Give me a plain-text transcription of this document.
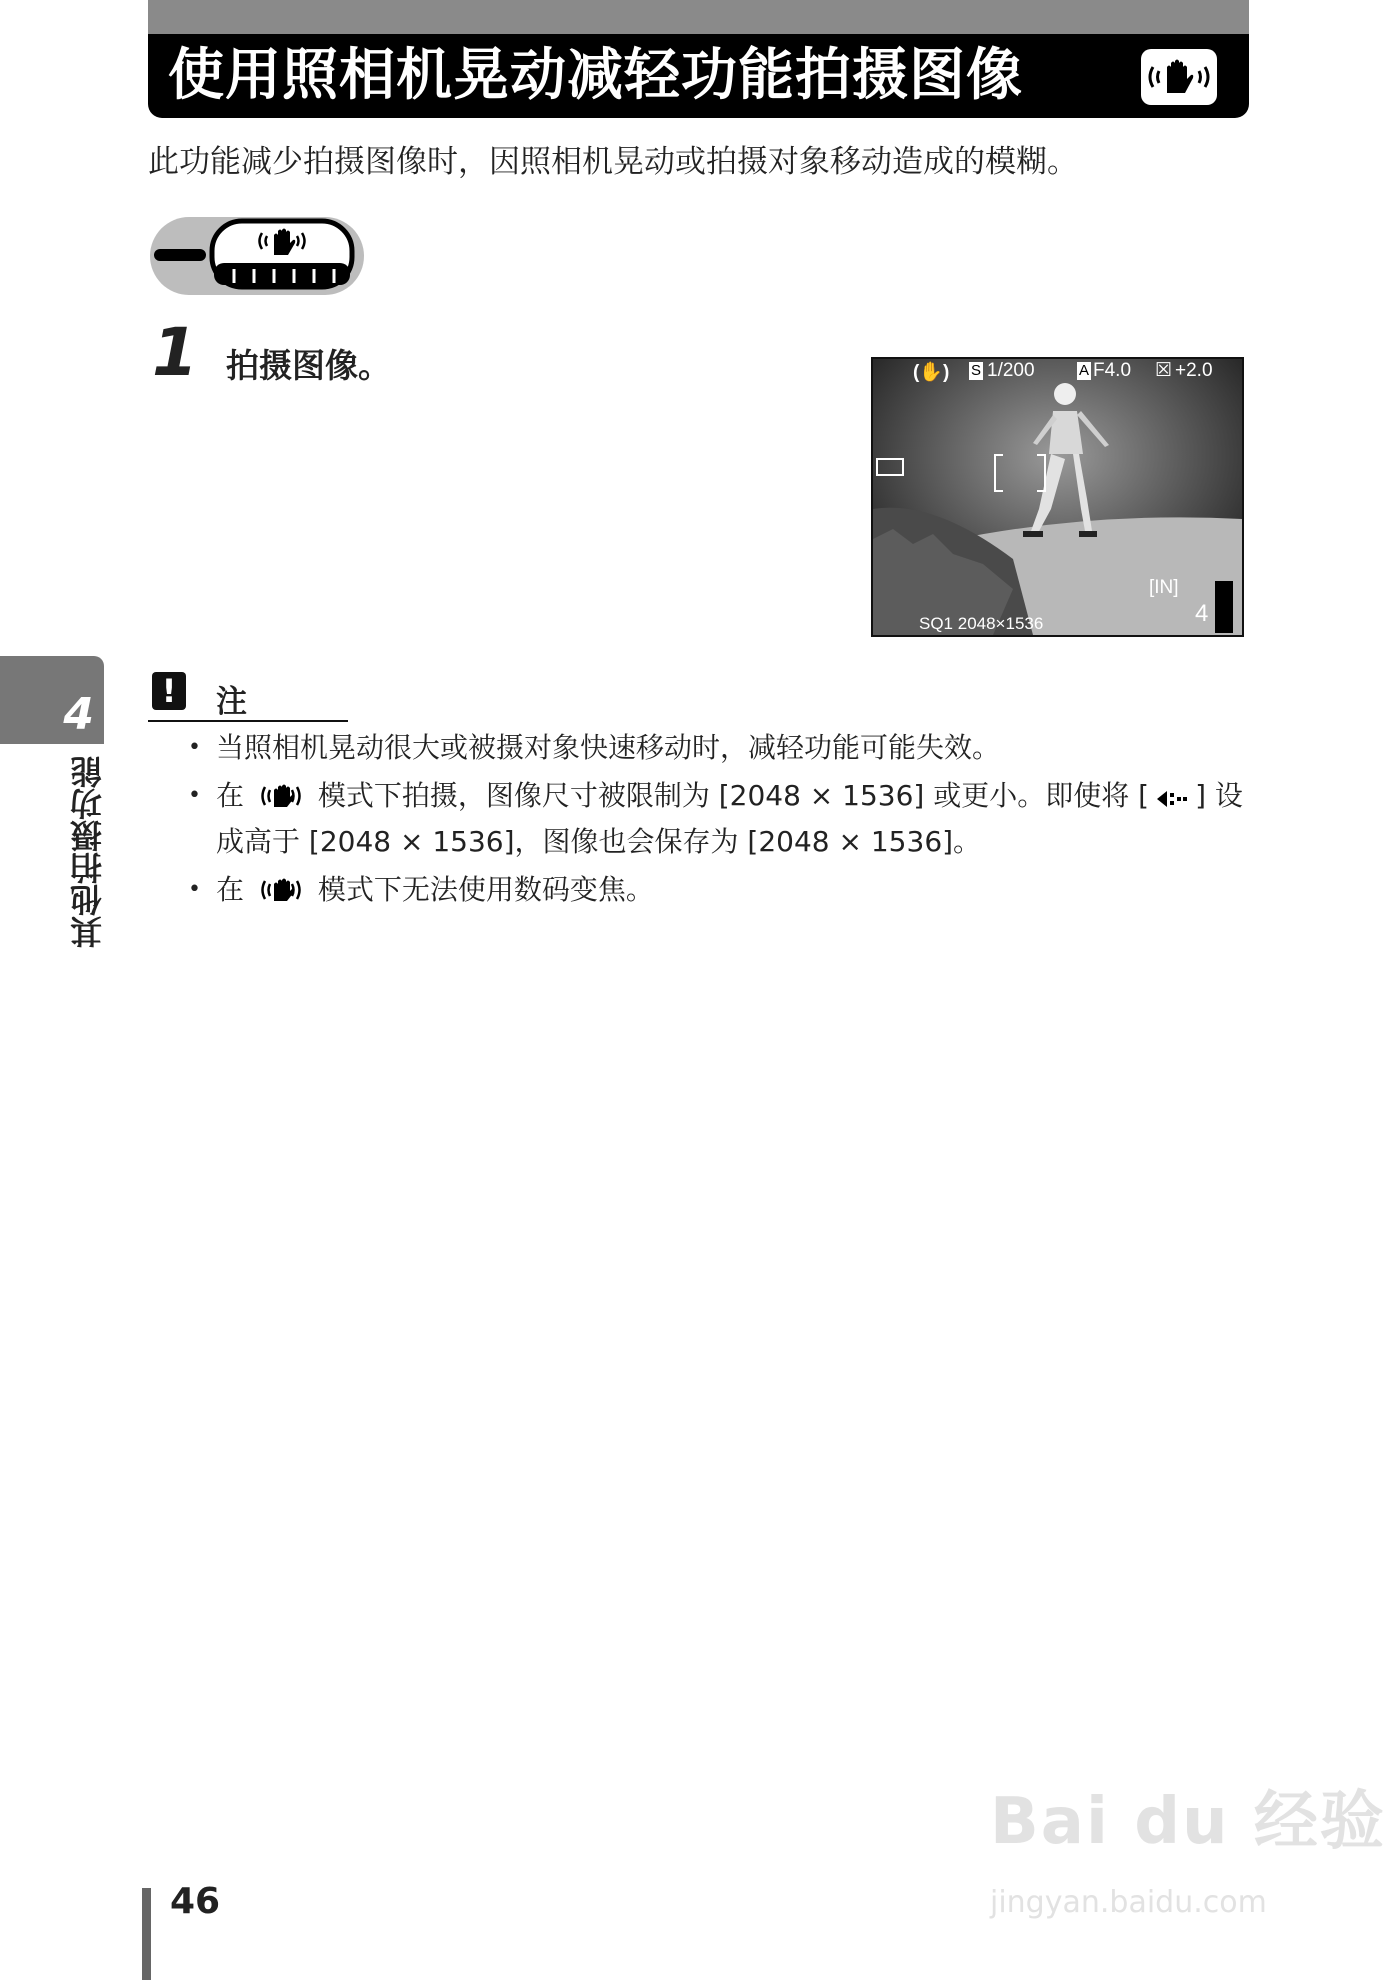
使用照相机晃动减轻功能拍摄图像
此功能减少拍摄图像时，因照相机晃动或拍摄对象移动造成的模糊。
1 拍摄图像。	(✋) S 1/200	A F4.0 ☒ +2.0
[IN]
4
SQ1 2048×1536
4
其他拍摄功能
!	注
• 当照相机晃动很大或被摄对象快速移动时，减轻功能可能失效。
• 在	模式下拍摄，图像尺寸被限制为 [2048 × 1536] 或更小。即使将 [ ] 设成高于 [2048 × 1536]，图像也会保存为 [2048 × 1536]。
• 在	模式下无法使用数码变焦。
46
Bai du 经验
jingyan.baidu.com
